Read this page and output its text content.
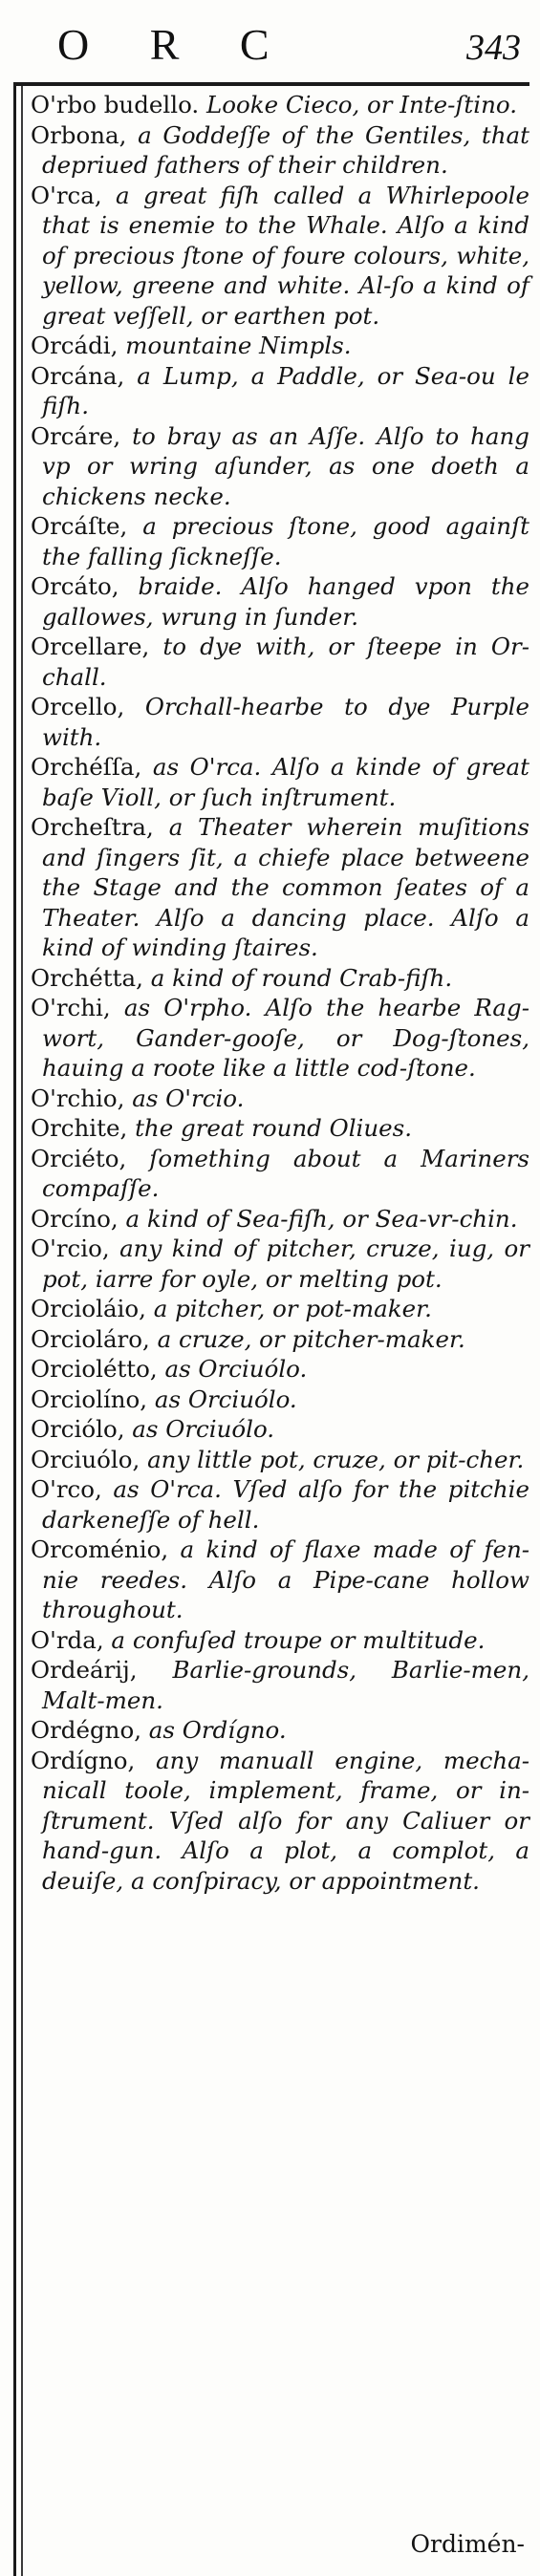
O R C	343
O'rbo budello. Looke Cieco, or Inte-ſtino.
Orbona, a Goddeſſe of the Gentiles, that depriued fathers of their children.
O'rca, a great fiſh called a Whirlepoole that is enemie to the Whale. Alſo a kind of precious ſtone of foure colours, white, yellow, greene and white. Al-ſo a kind of great veſſell, or earthen pot.
Orcádi, mountaine Nimpls.
Orcána, a Lump, a Paddle, or Sea-ou le fiſh.
Orcáre, to bray as an Aſſe. Alſo to hang vp or wring aſunder, as one doeth a chickens necke.
Orcáſte, a precious ſtone, good againſt the falling ſickneſſe.
Orcáto, braide. Alſo hanged vpon the gallowes, wrung in ſunder.
Orcellare, to dye with, or ſteepe in Or-chall.
Orcello, Orchall-hearbe to dye Purple with.
Orchéſſa, as O'rca. Alſo a kinde of great baſe Violl, or ſuch inſtrument.
Orcheſtra, a Theater wherein muſitions and ſingers ſit, a chiefe place betweene the Stage and the common ſeates of a Theater. Alſo a dancing place. Alſo a kind of winding ſtaires.
Orchétta, a kind of round Crab-fiſh.
O'rchi, as O'rpho. Alſo the hearbe Rag-wort, Gander-gooſe, or Dog-ſtones, hauing a roote like a little cod-ſtone.
O'rchio, as O'rcio.
Orchite, the great round Oliues.
Orciéto, ſomething about a Mariners compaſſe.
Orcíno, a kind of Sea-fiſh, or Sea-vr-chin.
O'rcio, any kind of pitcher, cruze, iug, or pot, iarre for oyle, or melting pot.
Orcioláio, a pitcher, or pot-maker.
Orcioláro, a cruze, or pitcher-maker.
Orciolétto, as Orciuólo.
Orciolíno, as Orciuólo.
Orciólo, as Orciuólo.
Orciuólo, any little pot, cruze, or pit-cher.
O'rco, as O'rca. Vſed alſo for the pitchie darkeneſſe of hell.
Orcoménio, a kind of flaxe made of fen-nie reedes. Alſo a Pipe-cane hollow throughout.
O'rda, a confuſed troupe or multitude.
Ordeárij, Barlie-grounds, Barlie-men, Malt-men.
Ordégno, as Ordígno.
Ordígno, any manuall engine, mecha-nicall toole, implement, frame, or in-ſtrument. Vſed alſo for any Caliuer or hand-gun. Alſo a plot, a complot, a deuiſe, a conſpiracy, or appointment.
Ordimén-
